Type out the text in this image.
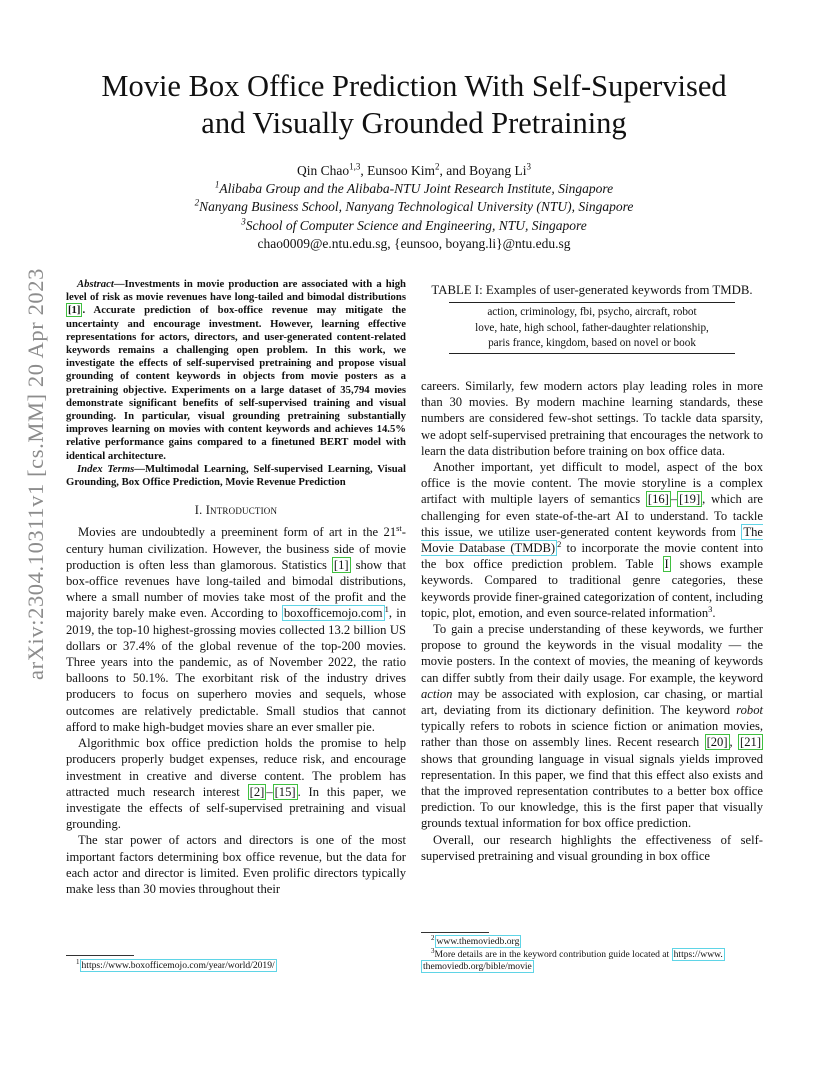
arXiv:2304.10311v1 [cs.MM] 20 Apr 2023
Movie Box Office Prediction With Self-Supervised
and Visually Grounded Pretraining
Qin Chao$^{1,3}$, Eunsoo Kim$^2$, and Boyang Li$^3$
$^1$Alibaba Group and the Alibaba-NTU Joint Research Institute, Singapore
$^2$Nanyang Business School, Nanyang Technological University (NTU), Singapore
$^3$School of Computer Science and Engineering, NTU, Singapore
chao0009@e.ntu.edu.sg, {eunsoo, boyang.li}@ntu.edu.sg

Abstract—Investments in movie production are associated with a high level of risk as movie revenues have long-tailed and bimodal distributions [1] . Accurate prediction of box-office revenue may mitigate the uncertainty and encourage investment. However, learning effective representations for actors, directors, and user-generated content-related keywords remains a challenging open problem. In this work, we investigate the effects of self-supervised pretraining and propose visual grounding of content keywords in objects from movie posters as a pretraining objective. Experiments on a large dataset of 35,794 movies demonstrate significant benefits of self-supervised training and visual grounding. In particular, visual grounding pretraining substantially improves learning on movies with content keywords and achieves 14.5% relative performance gains compared to a finetuned BERT model with identical architecture.

Index Terms—Multimodal Learning, Self-supervised Learning, Visual Grounding, Box Office Prediction, Movie Revenue Prediction

I. Introduction

Movies are undoubtedly a preeminent form of art in the 21st-century human civilization. However, the business side of movie production is often less than glamorous. Statistics [1] show that box-office revenues have long-tailed and bimodal distributions, where a small number of movies take most of the profit and the majority barely make even. According to boxofficemojo.com $^1$, in 2019, the top-10 highest-grossing movies collected 13.2 billion US dollars or 37.4% of the global revenue of the top-200 movies. Three years into the pandemic, as of November 2022, the ratio balloons to 50.1%. The exorbitant risk of the industry drives producers to focus on superhero movies and sequels, whose outcomes are relatively predictable. Small studios that cannot afford to make high-budget movies share an ever smaller pie.

Algorithmic box office prediction holds the promise to help producers properly budget expenses, reduce risk, and encourage investment in creative and diverse content. The problem has attracted much research interest [2] – [15] . In this paper, we investigate the effects of self-supervised pretraining and visual grounding.

The star power of actors and directors is one of the most important factors determining box office revenue, but the data for each actor and director is limited. Even prolific directors typically make less than 30 movies throughout their

$^1$ https://www.boxofficemojo.com/year/world/2019/
TABLE I: Examples of user-generated keywords from TMDB.
action, criminology, fbi, psycho, aircraft, robot
love, hate, high school, father-daughter relationship,
paris france, kingdom, based on novel or book

careers. Similarly, few modern actors play leading roles in more than 30 movies. By modern machine learning standards, these numbers are considered few-shot settings. To tackle data sparsity, we adopt self-supervised pretraining that encourages the network to learn the data distribution before training on box office data.

Another important, yet difficult to model, aspect of the box office is the movie content. The movie storyline is a complex artifact with multiple layers of semantics [16] – [19] , which are challenging for even state-of-the-art AI to understand. To tackle this issue, we utilize user-generated content keywords from The Movie Database (TMDB) $^2$ to incorporate the movie content into the box office prediction problem. Table I shows example keywords. Compared to traditional genre categories, these keywords provide finer-grained categorization of content, including topic, plot, emotion, and even source-related information$^3$.

To gain a precise understanding of these keywords, we further propose to ground the keywords in the visual modality — the movie posters. In the context of movies, the meaning of keywords can differ subtly from their daily usage. For example, the keyword action may be associated with explosion, car chasing, or martial art, deviating from its dictionary definition. The keyword robot typically refers to robots in science fiction or animation movies, rather than those on assembly lines. Recent research [20] , [21] shows that grounding language in visual signals yields improved representation. In this paper, we find that this effect also exists and that the improved representation contributes to a better box office prediction. To our knowledge, this is the first paper that visually grounds textual information for box office prediction.

Overall, our research highlights the effectiveness of self-supervised pretraining and visual grounding in box office

$^2$ www.themoviedb.org
$^3$More details are in the keyword contribution guide located at https://www. themoviedb.org/bible/movie
